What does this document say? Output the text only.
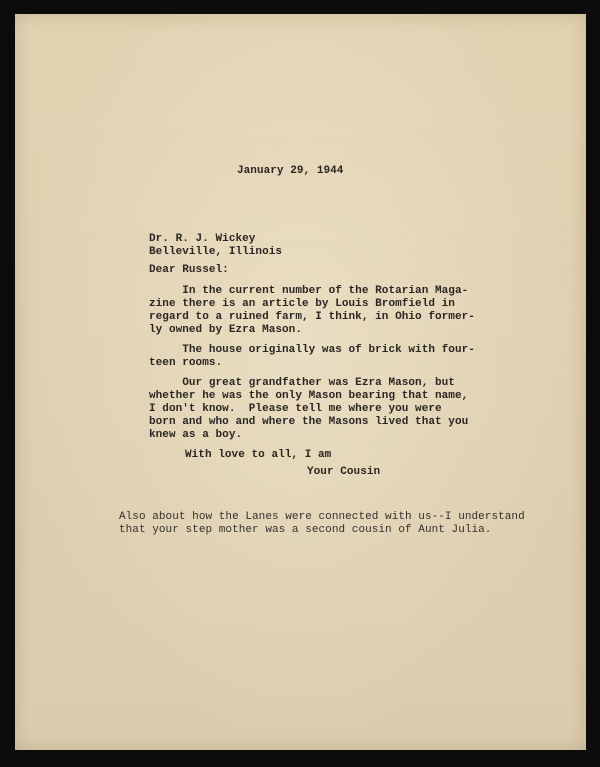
January 29, 1944

Dr. R. J. Wickey
Belleville, Illinois

Dear Russel:

In the current number of the Rotarian Maga-
zine there is an article by Louis Bromfield in
regard to a ruined farm, I think, in Ohio former-
ly owned by Ezra Mason.

The house originally was of brick with four-
teen rooms.

Our great grandfather was Ezra Mason, but
whether he was the only Mason bearing that name,
I don't know.  Please tell me where you were
born and who and where the Masons lived that you
knew as a boy.

With love to all, I am

Your Cousin

Also about how the Lanes were connected with us--I understand
that your step mother was a second cousin of Aunt Julia.
